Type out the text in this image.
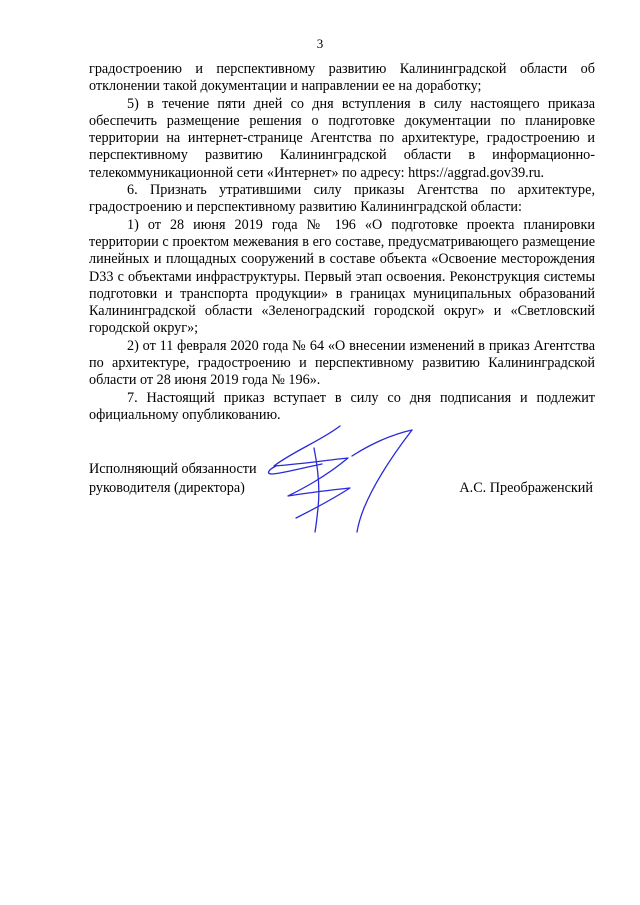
3

градостроению и перспективному развитию Калининградской области об отклонении такой документации и направлении ее на доработку;

5) в течение пяти дней со дня вступления в силу настоящего приказа обеспечить размещение решения о подготовке документации по планировке территории на интернет-странице Агентства по архитектуре, градостроению и перспективному развитию Калининградской области в информационно-телекоммуникационной сети «Интернет» по адресу: https://aggrad.gov39.ru.

6. Признать утратившими силу приказы Агентства по архитектуре, градостроению и перспективному развитию Калининградской области:

1) от 28 июня 2019 года № 196 «О подготовке проекта планировки территории с проектом межевания в его составе, предусматривающего размещение линейных и площадных сооружений в составе объекта «Освоение месторождения D33 с объектами инфраструктуры. Первый этап освоения. Реконструкция системы подготовки и транспорта продукции» в границах муниципальных образований Калининградской области «Зеленоградский городской округ» и «Светловский городской округ»;

2) от 11 февраля 2020 года № 64 «О внесении изменений в приказ Агентства по архитектуре, градостроению и перспективному развитию Калининградской области от 28 июня 2019 года № 196».

7. Настоящий приказ вступает в силу со дня подписания и подлежит официальному опубликованию.

Исполняющий обязанности
руководителя (директора)	А.С. Преображенский
